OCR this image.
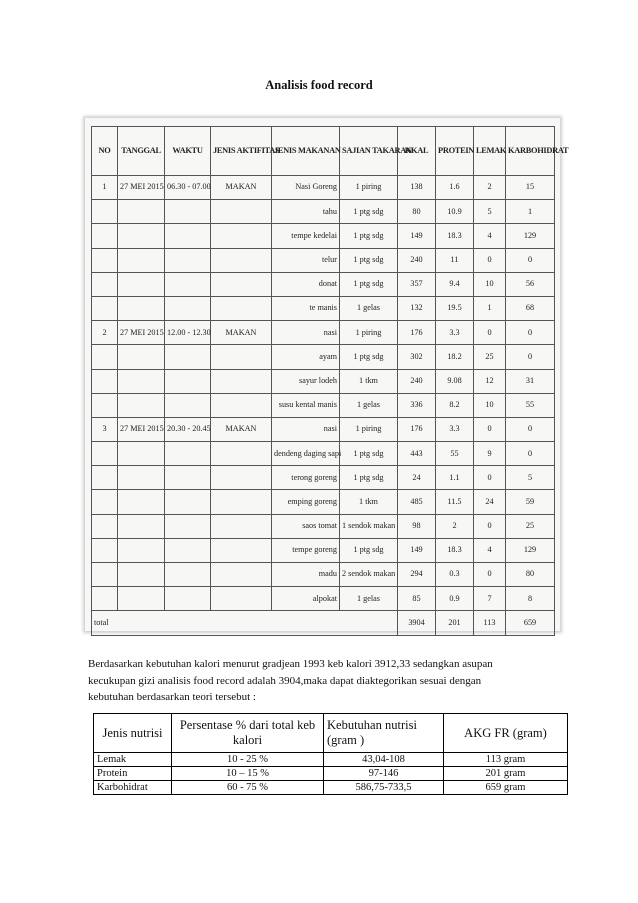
Analisis food record
NO	TANGGAL	WAKTU	JENIS AKTIFITAS	JENIS MAKANAN	SAJIAN TAKARAN	KKAL	PROTEIN	LEMAK	KARBOHIDRAT
1	27 MEI 2015	06.30 - 07.00	MAKAN	Nasi Goreng	1 piring	138	1.6	2	15
				tahu	1 ptg sdg	80	10.9	5	1
				tempe kedelai	1 ptg sdg	149	18.3	4	129
				telur	1 ptg sdg	240	11	0	0
				donat	1 ptg sdg	357	9.4	10	56
				te manis	1 gelas	132	19.5	1	68
2	27 MEI 2015	12.00 - 12.30	MAKAN	nasi	1 piring	176	3.3	0	0
				ayam	1 ptg sdg	302	18.2	25	0
				sayur lodeh	1 tkm	240	9.08	12	31
				susu kental manis	1 gelas	336	8.2	10	55
3	27 MEI 2015	20.30 - 20.45	MAKAN	nasi	1 piring	176	3.3	0	0
				dendeng daging sapi	1 ptg sdg	443	55	9	0
				terong goreng	1 ptg sdg	24	1.1	0	5
				emping goreng	1 tkm	485	11.5	24	59
				saos tomat	1 sendok makan	98	2	0	25
				tempe goreng	1 ptg sdg	149	18.3	4	129
				madu	2 sendok makan	294	0.3	0	80
				alpokat	1 gelas	85	0.9	7	8
total						3904	201	113	659

Berdasarkan kebutuhan kalori menurut gradjean 1993 keb kalori 3912,33 sedangkan asupan

kecukupan gizi analisis food record adalah 3904,maka dapat diaktegorikan sesuai dengan

kebutuhan berdasarkan teori tersebut :

Jenis nutrisi	Persentase % dari total keb kalori	Kebutuhan nutrisi (gram )	AKG FR (gram)
Lemak	10 - 25 %	43,04-108	113 gram
Protein	10 – 15 %	97-146	201 gram
Karbohidrat	60 - 75 %	586,75-733,5	659 gram
